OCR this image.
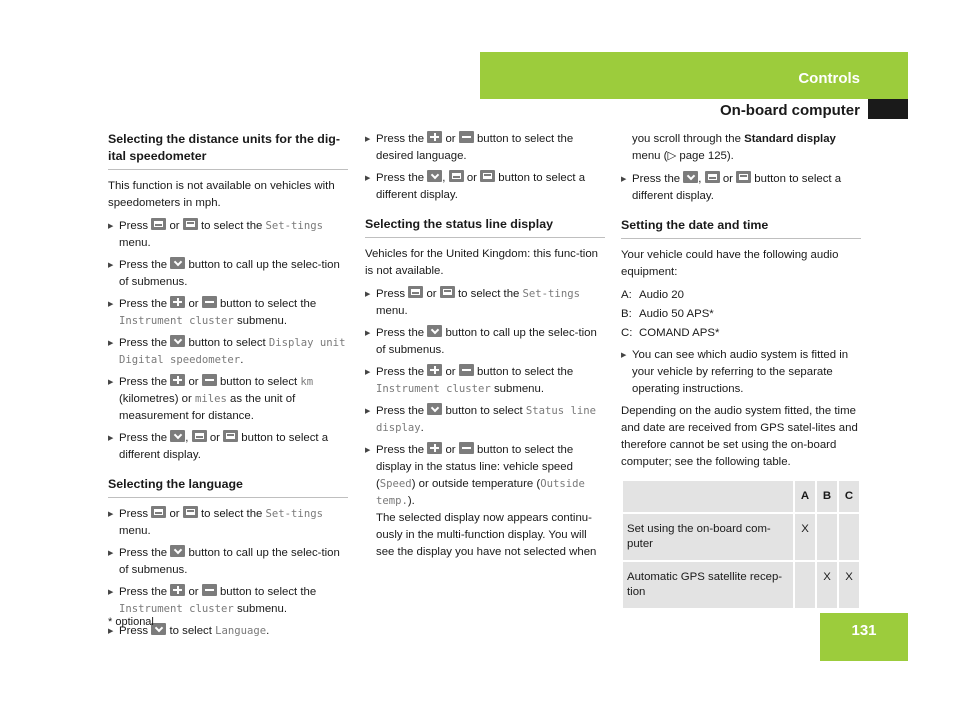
Controls
On-board computer
Selecting the distance units for the dig-ital speedometer

This function is not available on vehicles with speedometers in mph.

▶ Press or to select the Set-tings menu.
▶ Press the button to call up the selec-tion of submenus.
▶ Press the or button to select the Instrument cluster submenu.
▶ Press the button to select Display unit Digital speedometer.
▶ Press the or button to select km (kilometres) or miles as the unit of measurement for distance.
▶ Press the , or button to select a different display.
Selecting the language
▶ Press or to select the Set-tings menu.
▶ Press the button to call up the selec-tion of submenus.
▶ Press the or button to select the Instrument cluster submenu.
▶ Press to select Language.
▶ Press the or button to select the desired language.
▶ Press the , or button to select a different display.
Selecting the status line display

Vehicles for the United Kingdom: this func-tion is not available.

▶ Press or to select the Set-tings menu.
▶ Press the button to call up the selec-tion of submenus.
▶ Press the or button to select the Instrument cluster submenu.
▶ Press the button to select Status line display.
▶ Press the or button to select the display in the status line: vehicle speed (Speed) or outside temperature (Outside temp.).
The selected display now appears continu-ously in the multi-function display. You will see the display you have not selected when

you scroll through the Standard display menu (▷ page 125).

▶ Press the , or button to select a different display.
Setting the date and time

Your vehicle could have the following audio equipment:

A: Audio 20
B: Audio 50 APS*
C: COMAND APS*
▶ You can see which audio system is fitted in your vehicle by referring to the separate operating instructions.

Depending on the audio system fitted, the time and date are received from GPS satel-lites and therefore cannot be set using the on-board computer; see the following table.

	A	B	C
Set using the on-board com-puter	X		
Automatic GPS satellite recep-tion		X	X
* optional	131
